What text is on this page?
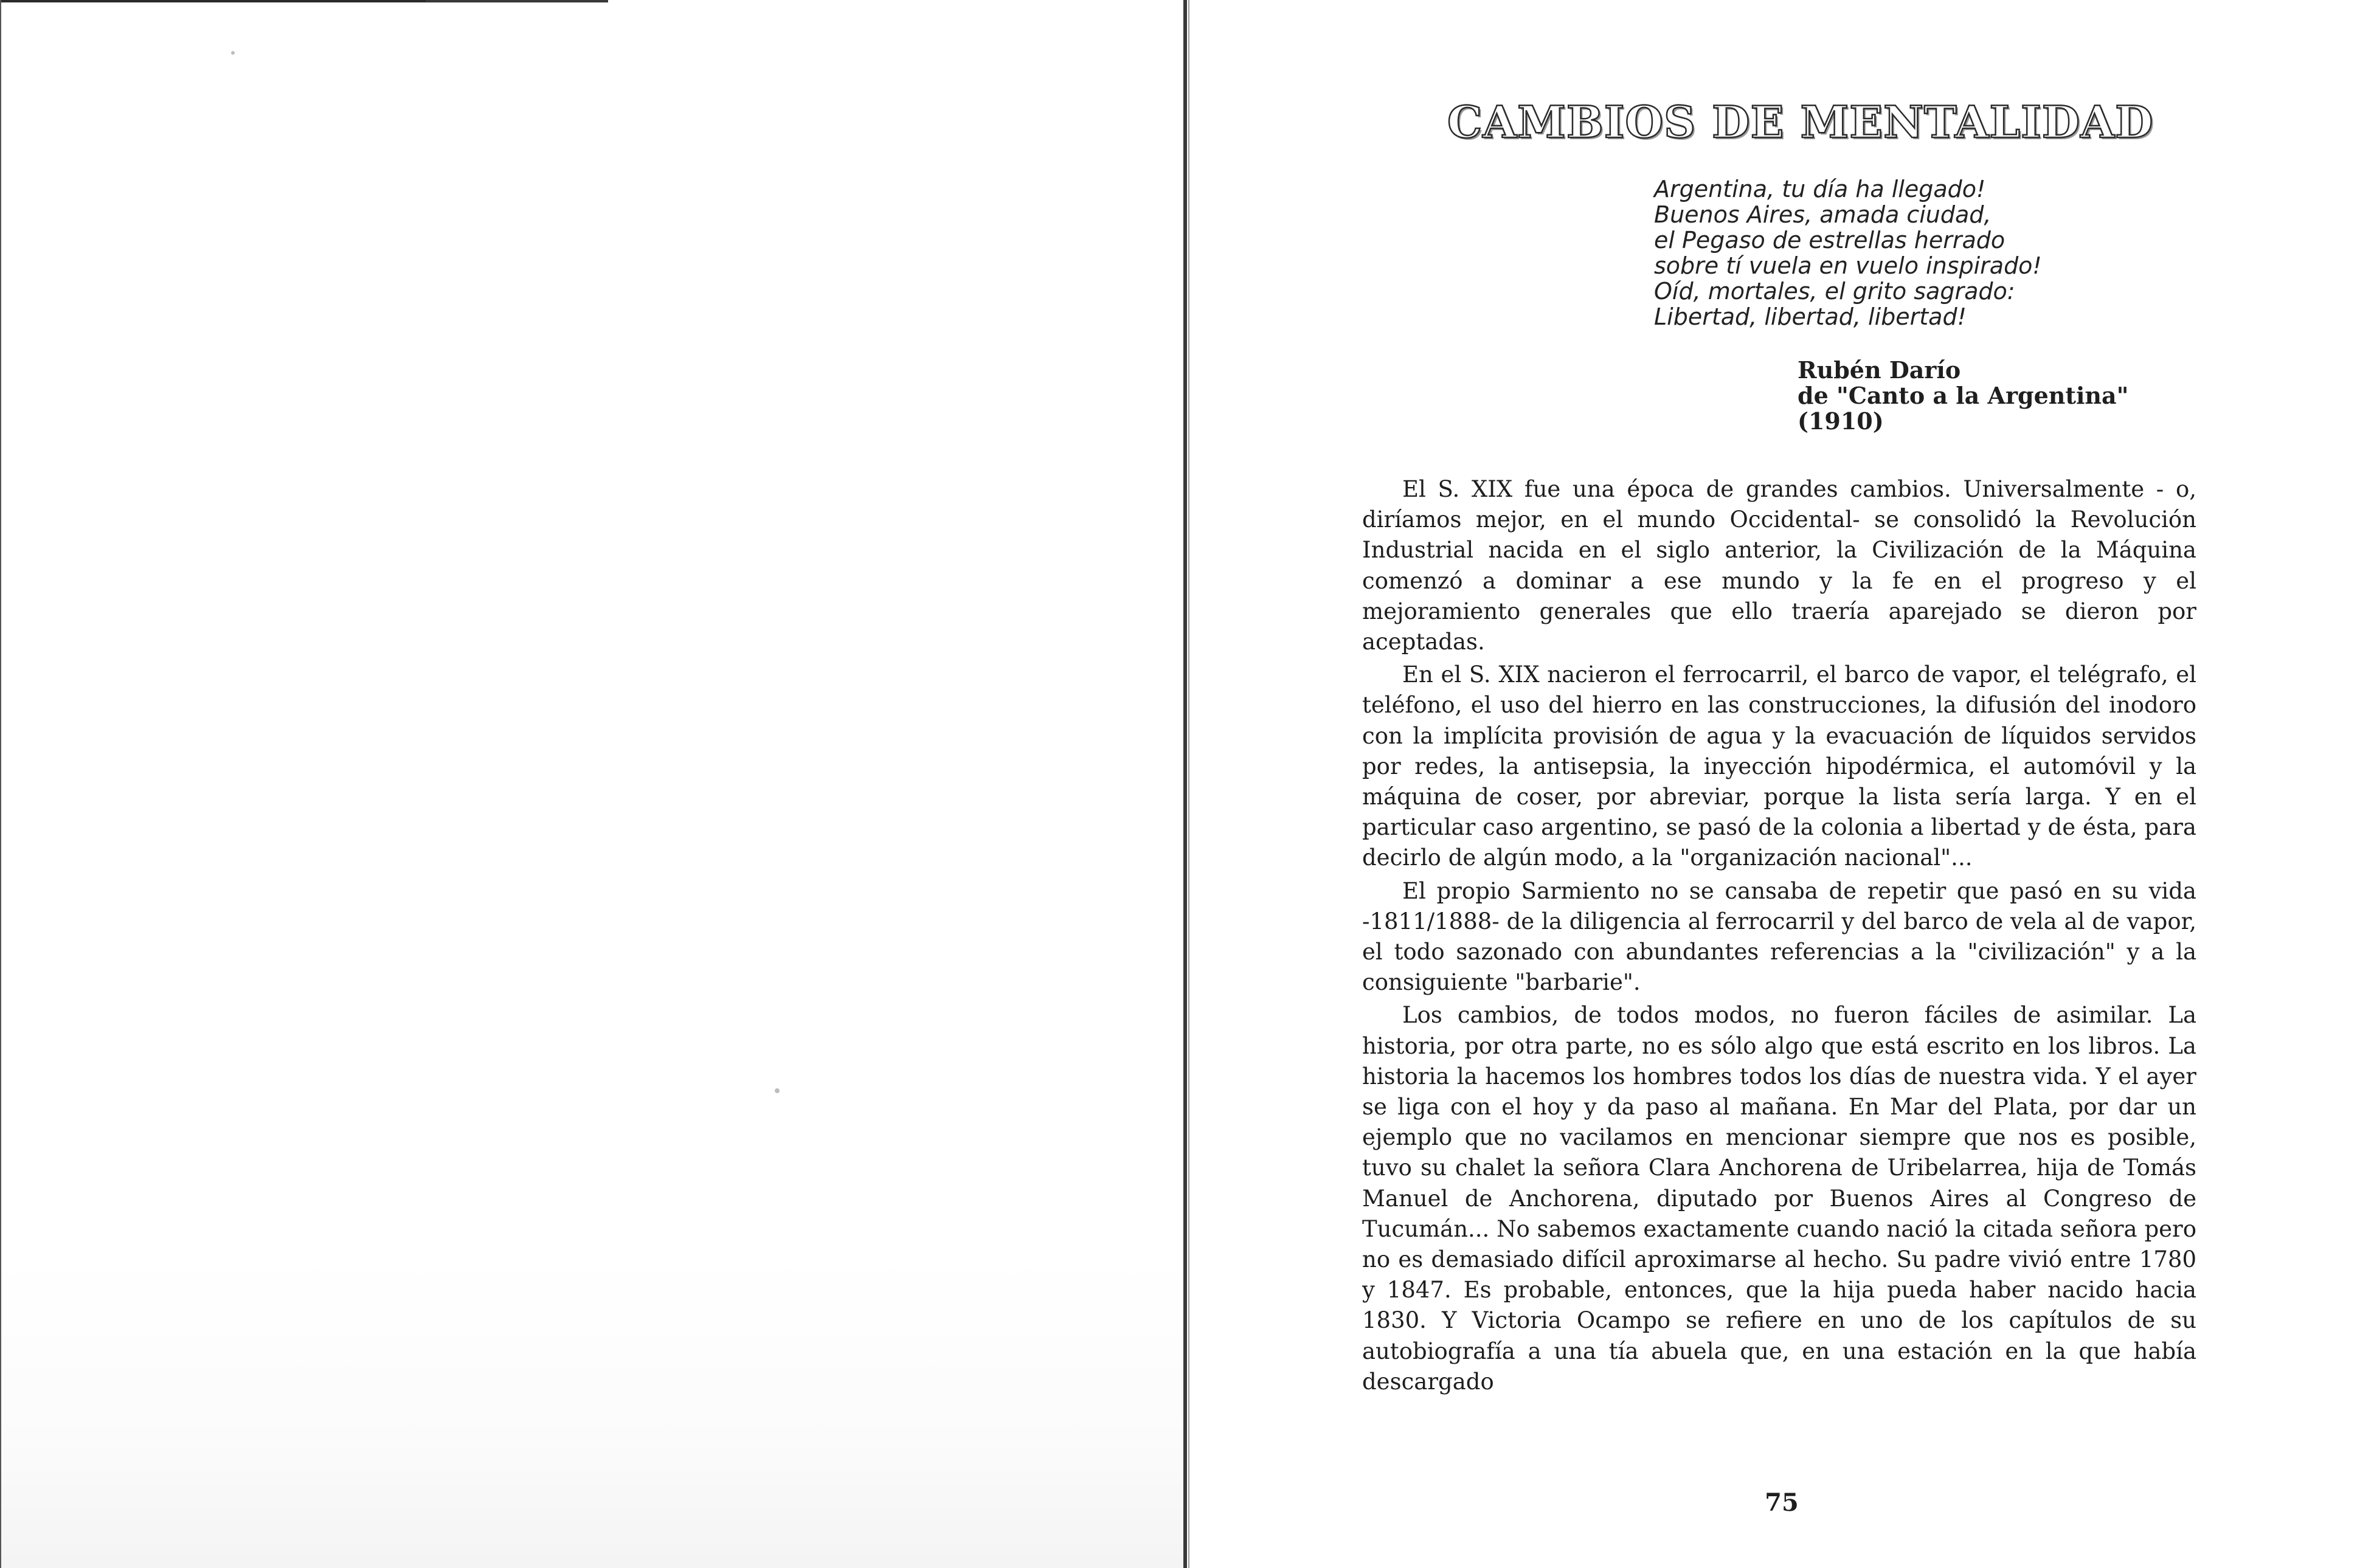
CAMBIOS DE MENTALIDAD
Argentina, tu día ha llegado!
Buenos Aires, amada ciudad,
el Pegaso de estrellas herrado
sobre tí vuela en vuelo inspirado!
Oíd, mortales, el grito sagrado:
Libertad, libertad, libertad!
Rubén Darío
de "Canto a la Argentina"
(1910)

El S. XIX fue una época de grandes cambios. Universalmente - o, diríamos mejor, en el mundo Occidental- se consolidó la Revolución Industrial nacida en el siglo anterior, la Civilización de la Máquina comenzó a dominar a ese mundo y la fe en el progreso y el mejoramiento generales que ello traería aparejado se dieron por aceptadas.

En el S. XIX nacieron el ferrocarril, el barco de vapor, el telégrafo, el teléfono, el uso del hierro en las construcciones, la difusión del inodoro con la implícita provisión de agua y la evacuación de líquidos servidos por redes, la antisepsia, la inyección hipodérmica, el automóvil y la máquina de coser, por abreviar, porque la lista sería larga. Y en el particular caso argentino, se pasó de la colonia a libertad y de ésta, para decirlo de algún modo, a la "organización nacional"...

El propio Sarmiento no se cansaba de repetir que pasó en su vida -1811/1888- de la diligencia al ferrocarril y del barco de vela al de vapor, el todo sazonado con abundantes referencias a la "civilización" y a la consiguiente "barbarie".

Los cambios, de todos modos, no fueron fáciles de asimilar. La historia, por otra parte, no es sólo algo que está escrito en los libros. La historia la hacemos los hombres todos los días de nuestra vida. Y el ayer se liga con el hoy y da paso al mañana. En Mar del Plata, por dar un ejemplo que no vacilamos en mencionar siempre que nos es posible, tuvo su chalet la señora Clara Anchorena de Uribelarrea, hija de Tomás Manuel de Anchorena, diputado por Buenos Aires al Congreso de Tucumán... No sabemos exactamente cuando nació la citada señora pero no es demasiado difícil aproximarse al hecho. Su padre vivió entre 1780 y 1847. Es probable, entonces, que la hija pueda haber nacido hacia 1830. Y Victoria Ocampo se refiere en uno de los capítulos de su autobiografía a una tía abuela que, en una estación en la que había descargado

75
